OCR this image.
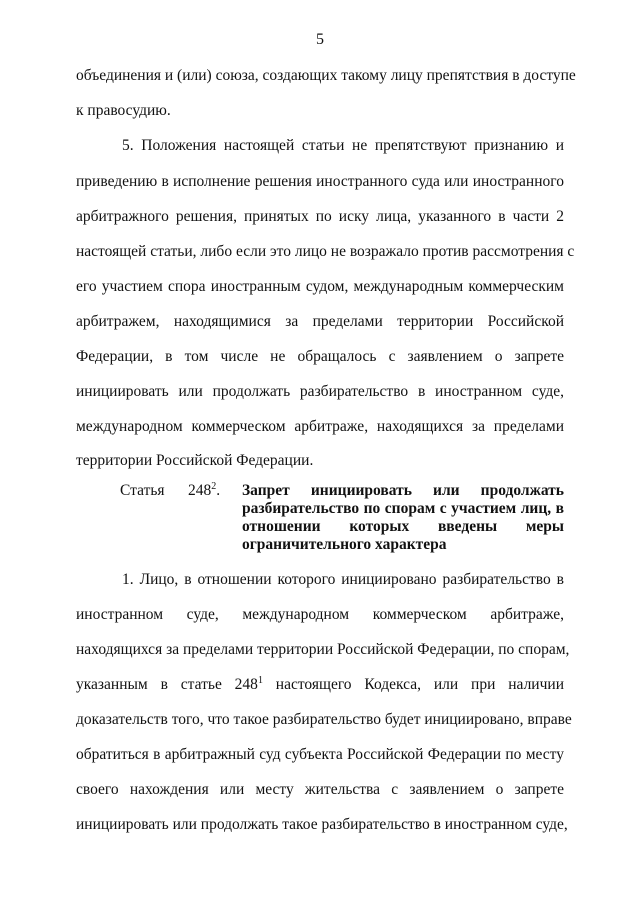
5
объединения и (или) союза, создающих такому лицу препятствия в доступе
к правосудию.
5. Положения настоящей статьи не препятствуют признанию и
приведению в исполнение решения иностранного суда или иностранного
арбитражного решения, принятых по иску лица, указанного в части 2
настоящей статьи, либо если это лицо не возражало против рассмотрения с
его участием спора иностранным судом, международным коммерческим
арбитражем, находящимися за пределами территории Российской
Федерации, в том числе не обращалось с заявлением о запрете
инициировать или продолжать разбирательство в иностранном суде,
международном коммерческом арбитраже, находящихся за пределами
территории Российской Федерации.
Статья $248^2$. Запрет инициировать или продолжать
разбирательство по спорам с участием лиц, в
отношении которых введены меры
ограничительного характера
1. Лицо, в отношении которого инициировано разбирательство в
иностранном суде, международном коммерческом арбитраже,
находящихся за пределами территории Российской Федерации, по спорам,
указанным в статье $248^1$ настоящего Кодекса, или при наличии
доказательств того, что такое разбирательство будет инициировано, вправе
обратиться в арбитражный суд субъекта Российской Федерации по месту
своего нахождения или месту жительства с заявлением о запрете
инициировать или продолжать такое разбирательство в иностранном суде,
